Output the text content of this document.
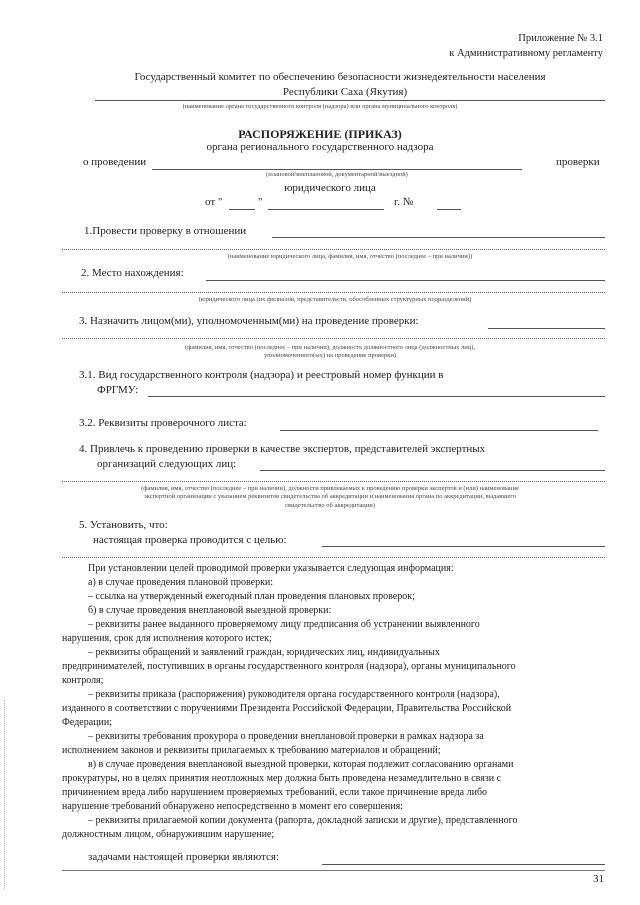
Приложение № 3.1
к Административному регламенту
Государственный комитет по обеспечению безопасности жизнедеятельности населения
Республики Саха (Якутия)
(наименование органа государственного контроля (надзора) или органа муниципального контроля)
РАСПОРЯЖЕНИЕ (ПРИКАЗ)
органа регионального государственного надзора
о проведении	проверки
(плановой/внеплановой, документарной/выездной)
юридического лица
от "	"	г. №
1.Провести проверку в отношении
(наименование юридического лица, фамилия, имя, отчество (последнее – при наличии))
2. Место нахождения:
(юридического лица (их филиалов, представительств, обособленных структурных подразделений)
3. Назначить лицом(ми), уполномоченным(ми) на проведение проверки:
(фамилия, имя, отчество (последнее – при наличии), должность должностного лица (должностных лиц),
уполномоченного(ых) на проведение проверки)
3.1. Вид государственного контроля (надзора) и реестровый номер функции в
ФРГМУ:
3.2. Реквизиты проверочного листа:
4. Привлечь к проведению проверки в качестве экспертов, представителей экспертных
организаций следующих лиц:
(фамилия, имя, отчество (последнее – при наличии), должности привлекаемых к проведению проверки экспертов и (или) наименование
экспертной организации с указанием реквизитов свидетельства об аккредитации и наименования органа по аккредитации, выдавшего
свидетельство об аккредитации)
5. Установить, что:
настоящая проверка проводится с целью:
При установлении целей проводимой проверки указывается следующая информация:
а) в случае проведения плановой проверки:
– ссылка на утвержденный ежегодный план проведения плановых проверок;
б) в случае проведения внеплановой выездной проверки:
– реквизиты ранее выданного проверяемому лицу предписания об устранении выявленного
нарушения, срок для исполнения которого истек;
– реквизиты обращений и заявлений граждан, юридических лиц, индивидуальных
предпринимателей, поступивших в органы государственного контроля (надзора), органы муниципального
контроля;
– реквизиты приказа (распоряжения) руководителя органа государственного контроля (надзора),
изданного в соответствии с поручениями Президента Российской Федерации, Правительства Российской
Федерации;
– реквизиты требования прокурора о проведении внеплановой проверки в рамках надзора за
исполнением законов и реквизиты прилагаемых к требованию материалов и обращений;
в) в случае проведения внеплановой выездной проверки, которая подлежит согласованию органами
прокуратуры, но в целях принятия неотложных мер должна быть проведена незамедлительно в связи с
причинением вреда либо нарушением проверяемых требований, если такое причинение вреда либо
нарушение требований обнаружено непосредственно в момент его совершения:
– реквизиты прилагаемой копии документа (рапорта, докладной записки и другие), представленного
должностным лицом, обнаружившим нарушение;
задачами настоящей проверки являются:
31
